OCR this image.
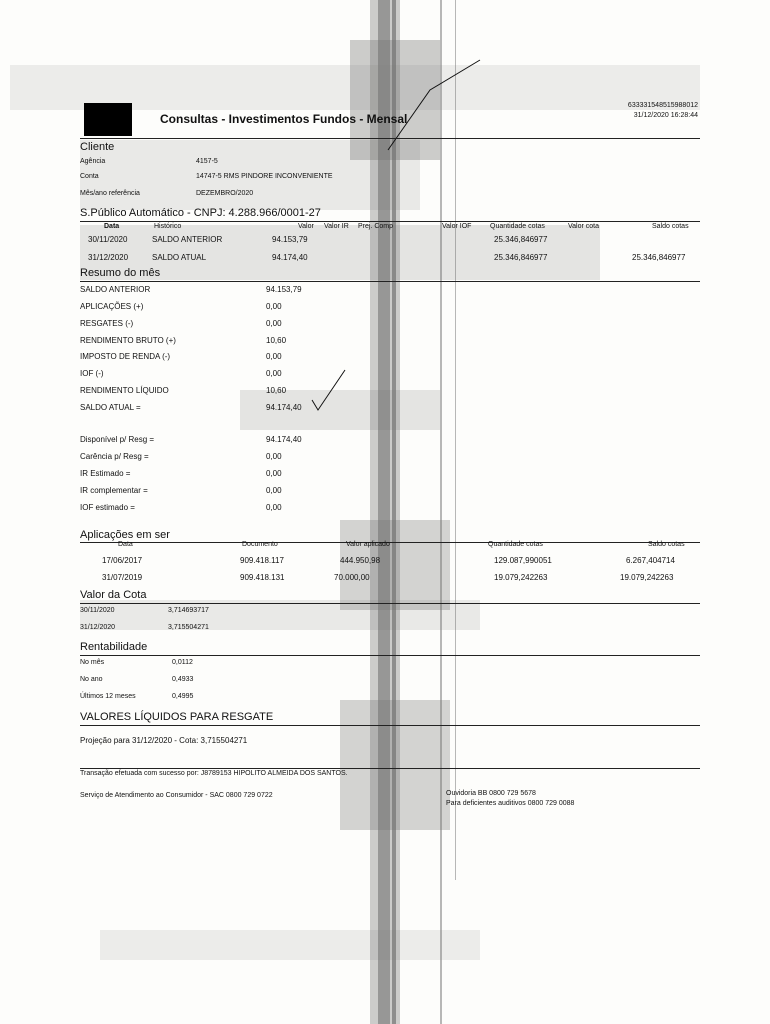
Consultas - Investimentos Fundos - Mensal
633331548515988012
31/12/2020 16:28:44
Cliente
Agência	4157-5
Conta	14747-5 RMS PINDORE INCONVENIENTE
Mês/ano referência	DEZEMBRO/2020
S.Público Automático - CNPJ: 4.288.966/0001-27
Data	Histórico	Valor Valor IR Prej. Comp	Valor IOF	Quantidade cotas	Valor cota	Saldo cotas
30/11/2020	SALDO ANTERIOR	94.153,79	25.346,846977
31/12/2020	SALDO ATUAL	94.174,40	25.346,846977	25.346,846977
Resumo do mês
SALDO ANTERIOR	94.153,79
APLICAÇÕES (+)	0,00
RESGATES (-)	0,00
RENDIMENTO BRUTO (+)	10,60
IMPOSTO DE RENDA (-)	0,00
IOF (-)	0,00
RENDIMENTO LÍQUIDO	10,60
SALDO ATUAL =	94.174,40
Disponível p/ Resg =	94.174,40
Carência p/ Resg =	0,00
IR Estimado =	0,00
IR complementar =	0,00
IOF estimado =	0,00
Aplicações em ser
Data	Documento	Valor aplicado	Quantidade cotas	Saldo cotas
17/06/2017	909.418.117	444.950,98	129.087,990051	6.267,404714
31/07/2019	909.418.131	70.000,00	19.079,242263	19.079,242263
Valor da Cota
30/11/2020	3,714693717
31/12/2020	3,715504271
Rentabilidade
No mês	0,0112
No ano	0,4933
Últimos 12 meses	0,4995
VALORES LÍQUIDOS PARA RESGATE
Projeção para 31/12/2020 - Cota: 3,715504271
Transação efetuada com sucesso por: J8789153 HIPOLITO ALMEIDA DOS SANTOS.
Serviço de Atendimento ao Consumidor - SAC 0800 729 0722	Ouvidoria BB 0800 729 5678
Para deficientes auditivos 0800 729 0088
